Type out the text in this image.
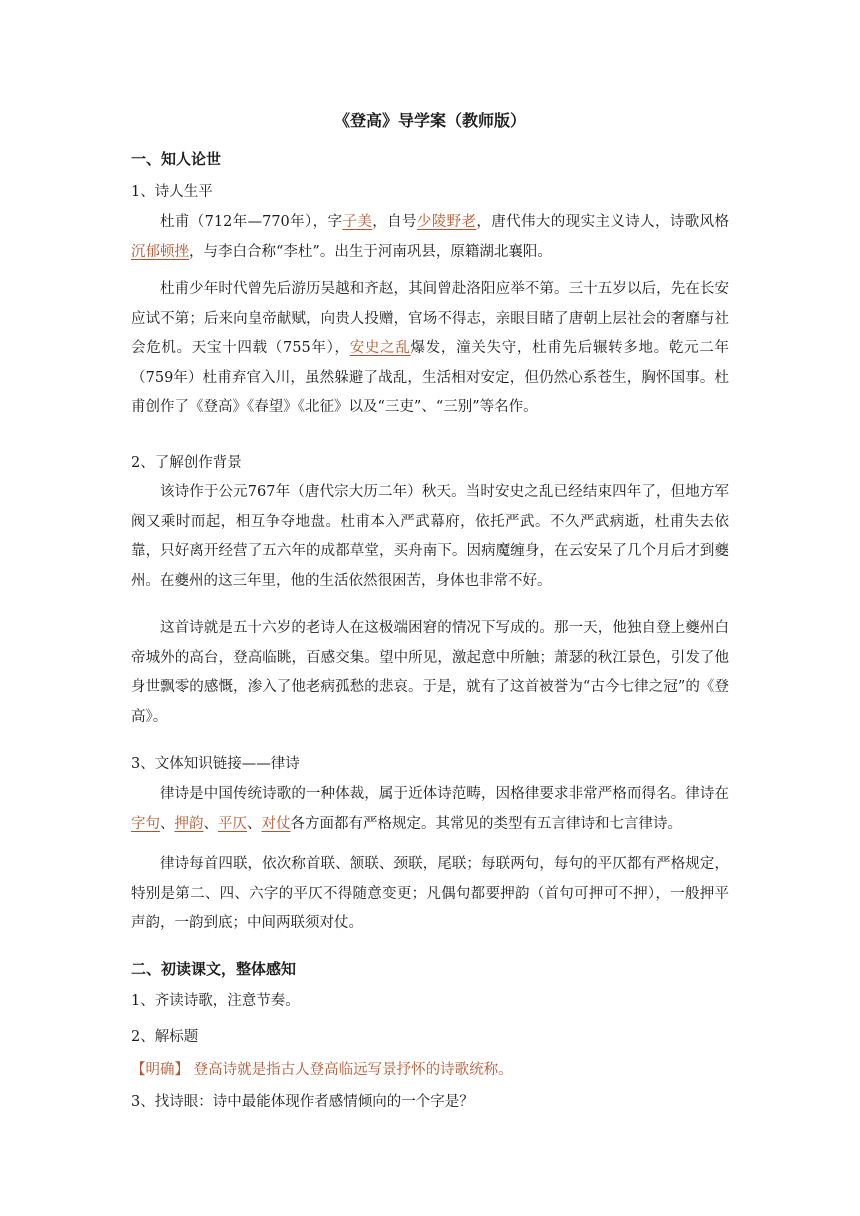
《登高》导学案（教师版）
一、知人论世
1、诗人生平
杜甫（712年—770年），字子美，自号少陵野老，唐代伟大的现实主义诗人，诗歌风格沉郁顿挫，与李白合称“李杜”。出生于河南巩县，原籍湖北襄阳。
杜甫少年时代曾先后游历吴越和齐赵，其间曾赴洛阳应举不第。三十五岁以后，先在长安应试不第；后来向皇帝献赋，向贵人投赠，官场不得志，亲眼目睹了唐朝上层社会的奢靡与社会危机。天宝十四载（755年），安史之乱爆发，潼关失守，杜甫先后辗转多地。乾元二年（759年）杜甫弃官入川，虽然躲避了战乱，生活相对安定，但仍然心系苍生，胸怀国事。杜甫创作了《登高》《春望》《北征》以及“三吏”、“三别”等名作。
2、了解创作背景
该诗作于公元767年（唐代宗大历二年）秋天。当时安史之乱已经结束四年了，但地方军阀又乘时而起，相互争夺地盘。杜甫本入严武幕府，依托严武。不久严武病逝，杜甫失去依靠，只好离开经营了五六年的成都草堂，买舟南下。因病魔缠身，在云安呆了几个月后才到夔州。在夔州的这三年里，他的生活依然很困苦，身体也非常不好。
这首诗就是五十六岁的老诗人在这极端困窘的情况下写成的。那一天，他独自登上夔州白帝城外的高台，登高临眺，百感交集。望中所见，激起意中所触；萧瑟的秋江景色，引发了他身世飘零的感慨，渗入了他老病孤愁的悲哀。于是，就有了这首被誉为“古今七律之冠”的《登高》。
3、文体知识链接——律诗
律诗是中国传统诗歌的一种体裁，属于近体诗范畴，因格律要求非常严格而得名。律诗在字句、押韵、平仄、对仗各方面都有严格规定。其常见的类型有五言律诗和七言律诗。
律诗每首四联，依次称首联、颔联、颈联，尾联；每联两句，每句的平仄都有严格规定，特别是第二、四、六字的平仄不得随意变更；凡偶句都要押韵（首句可押可不押），一般押平声韵，一韵到底；中间两联须对仗。
二、初读课文，整体感知
1、齐读诗歌，注意节奏。
2、解标题
【明确】 登高诗就是指古人登高临远写景抒怀的诗歌统称。
3、找诗眼：诗中最能体现作者感情倾向的一个字是？
